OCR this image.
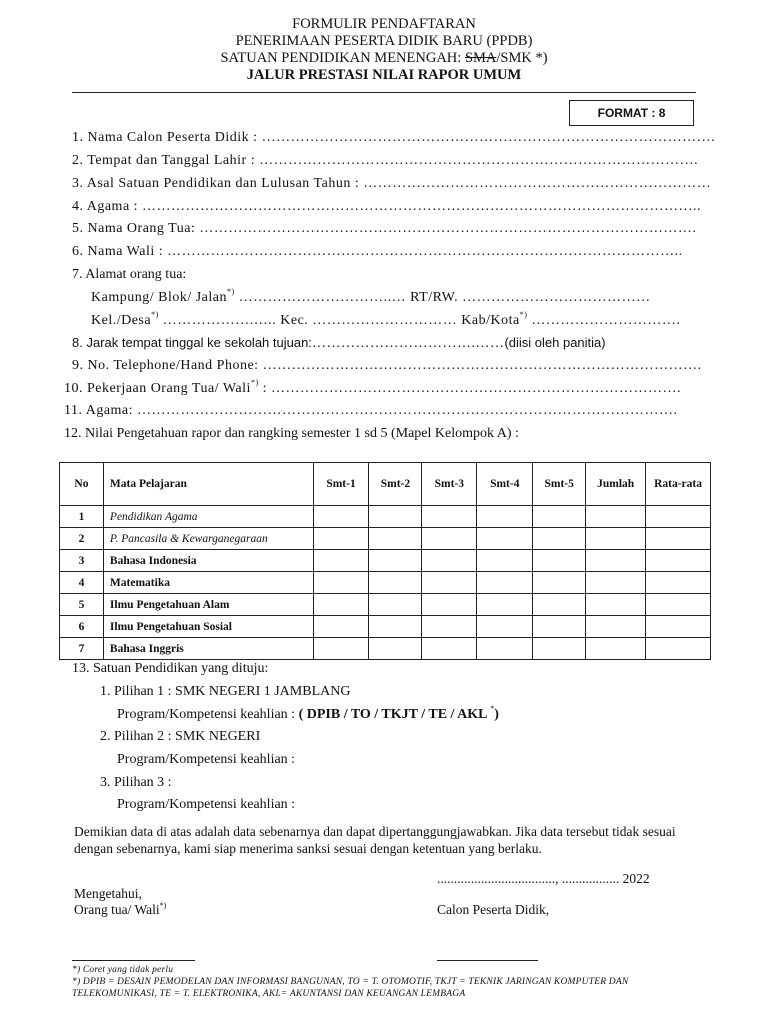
FORMULIR PENDAFTARAN
PENERIMAAN PESERTA DIDIK BARU (PPDB)
SATUAN PENDIDIKAN MENENGAH: SMA/SMK *)
JALUR PRESTASI NILAI RAPOR UMUM
FORMAT : 8
1. Nama Calon Peserta Didik : ………………………………………………………………………………….
2. Tempat dan Tanggal Lahir : ……………………………………………………………………………….
3. Asal Satuan Pendidikan dan Lulusan Tahun : ………………………………………………………………
4. Agama : ……………………………………………………………………………………………………..
5. Nama Orang Tua: ………………………………………………………………………………………….
6. Nama Wali : ……………………………………………………………………………………………..
7. Alamat orang tua:
Kampung/ Blok/ Jalan*) …………………………..… RT/RW. …………………………………
Kel./Desa*) ……………….….. Kec. ………………………… Kab/Kota*) ………………………….
8. Jarak tempat tinggal ke sekolah tujuan:…………………………….……(diisi oleh panitia)
9. No. Telephone/Hand Phone: ……………………………………………………………………………….
10. Pekerjaan Orang Tua/ Wali*) : ………………………………………………………………………….
11. Agama: ………………………………………………………………………………………………….
12. Nilai Pengetahuan rapor dan rangking semester 1 sd 5 (Mapel Kelompok A) :
No	Mata Pelajaran	Smt-1	Smt-2	Smt-3	Smt-4	Smt-5	Jumlah	Rata-rata
1	Pendidikan Agama							
2	P. Pancasila & Kewarganegaraan							
3	Bahasa Indonesia							
4	Matematika							
5	Ilmu Pengetahuan Alam							
6	Ilmu Pengetahuan Sosial							
7	Bahasa Inggris							
13. Satuan Pendidikan yang dituju:
1. Pilihan 1 : SMK NEGERI 1 JAMBLANG
Program/Kompetensi keahlian : ( DPIB / TO / TKJT / TE / AKL *)
2. Pilihan 2 : SMK NEGERI
Program/Kompetensi keahlian :
3. Pilihan 3 :
Program/Kompetensi keahlian :
Demikian data di atas adalah data sebenarnya dan dapat dipertanggungjawabkan. Jika data tersebut tidak sesuai dengan sebenarnya, kami siap menerima sanksi sesuai dengan ketentuan yang berlaku.
..................................., ................. 2022
Mengetahui,
Orang tua/ Wali*)	Calon Peserta Didik,
*) Coret yang tidak perlu
*) DPIB = DESAIN PEMODELAN DAN INFORMASI BANGUNAN, TO = T. OTOMOTIF, TKJT = TEKNIK JARINGAN KOMPUTER DAN
TELEKOMUNIKASI, TE = T. ELEKTRONIKA, AKL= AKUNTANSI DAN KEUANGAN LEMBAGA
